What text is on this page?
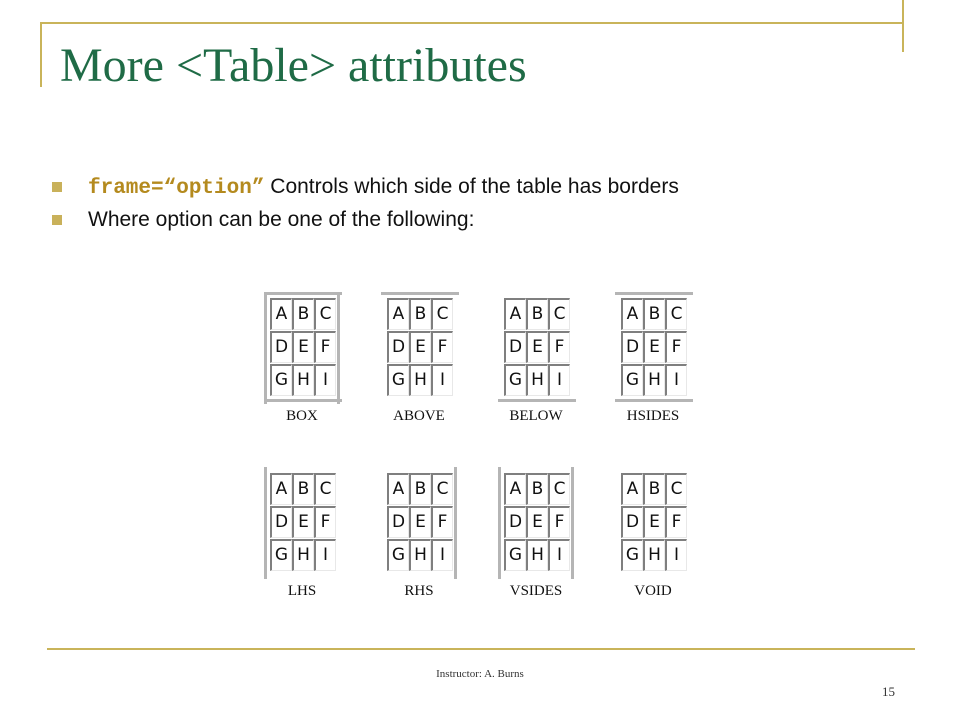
More <Table> attributes
frame=“option” Controls which side of the table has borders
Where option can be one of the following:
A B C
D E F
G H I
BOX
A B C
D E F
G H I
ABOVE
A B C
D E F
G H I
BELOW
A B C
D E F
G H I
HSIDES
A B C
D E F
G H I
LHS
A B C
D E F
G H I
RHS
A B C
D E F
G H I
VSIDES
A B C
D E F
G H I
VOID
Instructor: A. Burns
15
